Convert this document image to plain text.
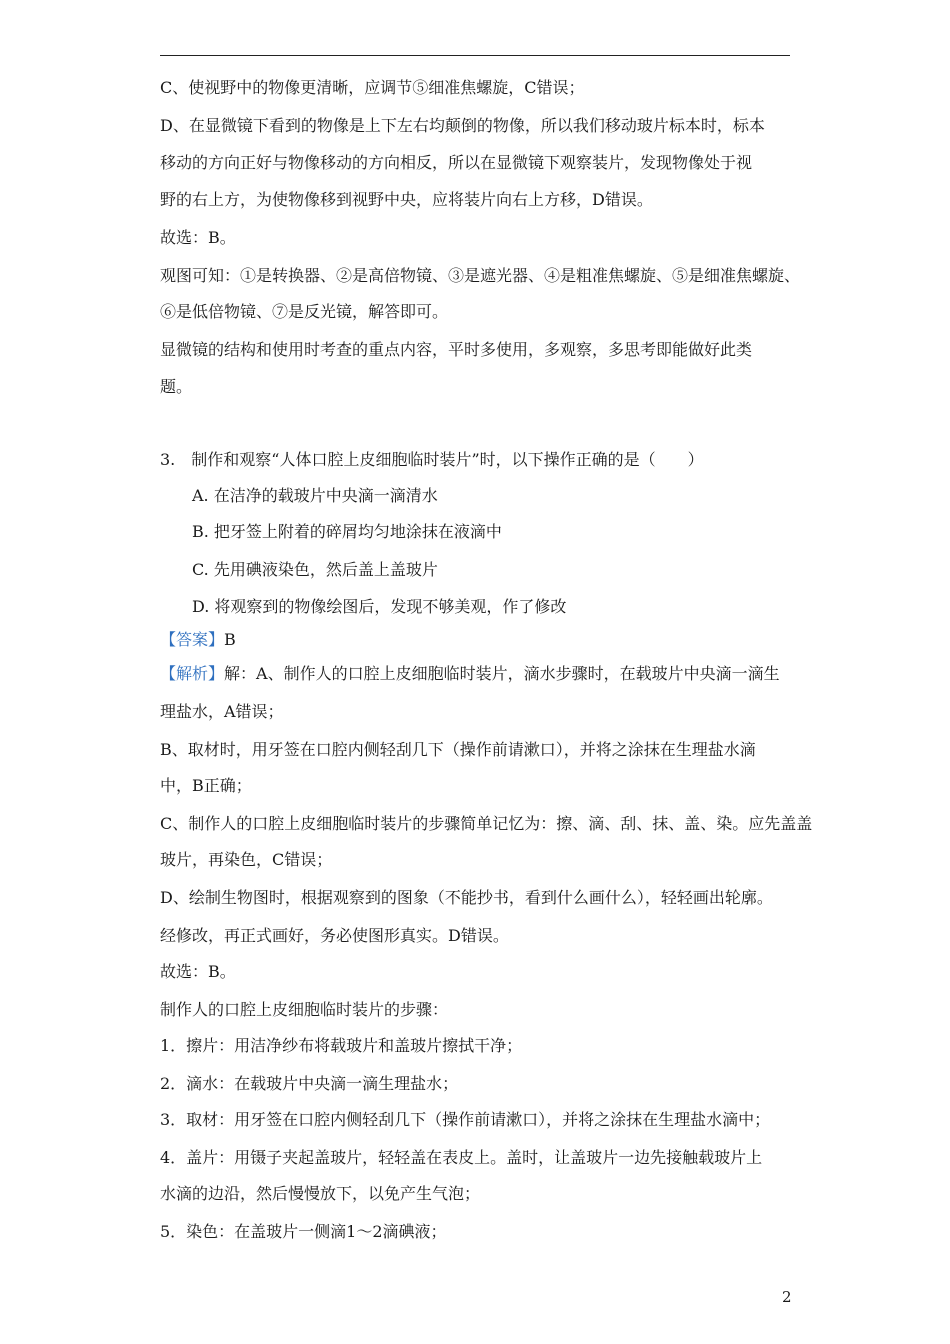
C、使视野中的物像更清晰，应调节⑤细准焦螺旋，C错误；
D、在显微镜下看到的物像是上下左右均颠倒的物像，所以我们移动玻片标本时，标本
移动的方向正好与物像移动的方向相反，所以在显微镜下观察装片，发现物像处于视
野的右上方，为使物像移到视野中央，应将装片向右上方移，D错误。
故选：B。
观图可知：①是转换器、②是高倍物镜、③是遮光器、④是粗准焦螺旋、⑤是细准焦螺旋、
⑥是低倍物镜、⑦是反光镜，解答即可。
显微镜的结构和使用时考查的重点内容，平时多使用，多观察，多思考即能做好此类
题。
3.　制作和观察“人体口腔上皮细胞临时装片”时，以下操作正确的是（　　）
A. 在洁净的载玻片中央滴一滴清水
B. 把牙签上附着的碎屑均匀地涂抹在液滴中
C. 先用碘液染色，然后盖上盖玻片
D. 将观察到的物像绘图后，发现不够美观，作了修改
【答案】B
【解析】解：A、制作人的口腔上皮细胞临时装片，滴水步骤时，在载玻片中央滴一滴生
理盐水，A错误；
B、取材时，用牙签在口腔内侧轻刮几下（操作前请漱口），并将之涂抹在生理盐水滴
中，B正确；
C、制作人的口腔上皮细胞临时装片的步骤简单记忆为：擦、滴、刮、抹、盖、染。应先盖盖
玻片，再染色，C错误；
D、绘制生物图时，根据观察到的图象（不能抄书，看到什么画什么），轻轻画出轮廓。
经修改，再正式画好，务必使图形真实。D错误。
故选：B。
制作人的口腔上皮细胞临时装片的步骤：
1．擦片：用洁净纱布将载玻片和盖玻片擦拭干净；
2．滴水：在载玻片中央滴一滴生理盐水；
3．取材：用牙签在口腔内侧轻刮几下（操作前请漱口），并将之涂抹在生理盐水滴中；
4．盖片：用镊子夹起盖玻片，轻轻盖在表皮上。盖时，让盖玻片一边先接触载玻片上
水滴的边沿，然后慢慢放下，以免产生气泡；
5．染色：在盖玻片一侧滴1～2滴碘液；
2
